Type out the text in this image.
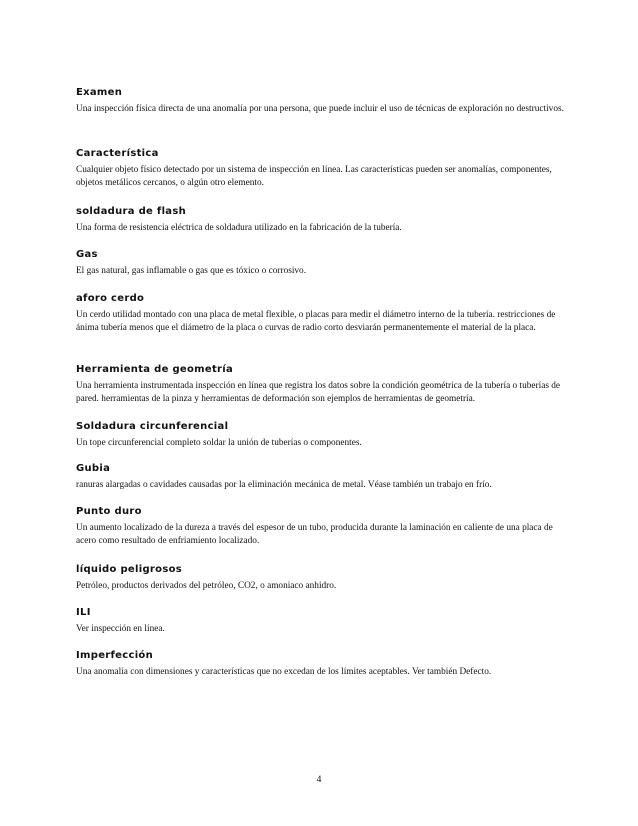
Examen

Una inspección física directa de una anomalía por una persona, que puede incluir el uso de técnicas de exploración no destructivos.

Característica

Cualquier objeto físico detectado por un sistema de inspección en línea. Las características pueden ser anomalías, componentes, objetos metálicos cercanos, o algún otro elemento.

soldadura de flash

Una forma de resistencia eléctrica de soldadura utilizado en la fabricación de la tubería.

Gas

El gas natural, gas inflamable o gas que es tóxico o corrosivo.

aforo cerdo

Un cerdo utilidad montado con una placa de metal flexible, o placas para medir el diámetro interno de la tubería. restricciones de ánima tubería menos que el diámetro de la placa o curvas de radio corto desviarán permanentemente el material de la placa.

Herramienta de geometría

Una herramienta instrumentada inspección en línea que registra los datos sobre la condición geométrica de la tubería o tuberías de pared. herramientas de la pinza y herramientas de deformación son ejemplos de herramientas de geometría.

Soldadura circunferencial

Un tope circunferencial completo soldar la unión de tuberías o componentes.

Gubia

ranuras alargadas o cavidades causadas por la eliminación mecánica de metal. Véase también un trabajo en frío.

Punto duro

Un aumento localizado de la dureza a través del espesor de un tubo, producida durante la laminación en caliente de una placa de acero como resultado de enfriamiento localizado.

líquido peligrosos

Petróleo, productos derivados del petróleo, CO2, o amoniaco anhidro.

ILI

Ver inspección en línea.

Imperfección

Una anomalía con dimensiones y características que no excedan de los límites aceptables. Ver también Defecto.

4
